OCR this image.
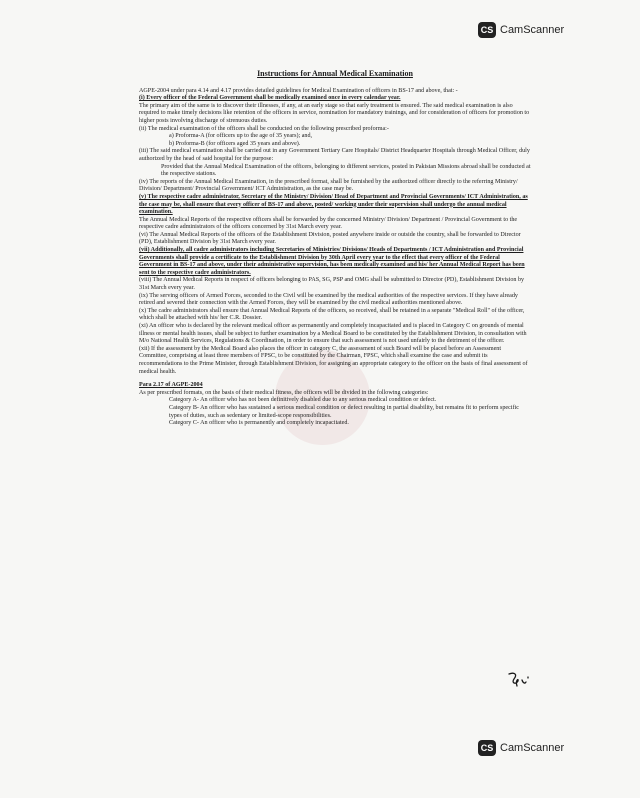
CS CamScanner
Instructions for Annual Medical Examination

AGPE-2004 under para 4.14 and 4.17 provides detailed guidelines for Medical Examination of officers in BS-17 and above, that: -

(i) Every officer of the Federal Government shall be medically examined once in every calendar year.

The primary aim of the same is to discover their illnesses, if any, at an early stage so that early treatment is ensured. The said medical examination is also required to make timely decisions like retention of the officers in service, nomination for mandatory trainings, and for consideration of officers for promotion to higher posts involving discharge of strenuous duties.

(ii) The medical examination of the officers shall be conducted on the following prescribed proforma:-

a) Proforma-A (for officers up to the age of 35 years); and,

b) Proforma-B (for officers aged 35 years and above).

(iii) The said medical examination shall be carried out in any Government Tertiary Care Hospitals/ District Headquarter Hospitals through Medical Officer, duly authorized by the head of said hospital for the purpose:

Provided that the Annual Medical Examination of the officers, belonging to different services, posted in Pakistan Missions abroad shall be conducted at the respective stations.

(iv) The reports of the Annual Medical Examination, in the prescribed format, shall be furnished by the authorized officer directly to the referring Ministry/ Division/ Department/ Provincial Government/ ICT Administration, as the case may be.

(v) The respective cadre administrator, Secretary of the Ministry/ Division/ Head of Department and Provincial Governments/ ICT Administration, as the case may be, shall ensure that every officer of BS-17 and above, posted/ working under their supervision shall undergo the annual medical examination.

The Annual Medical Reports of the respective officers shall be forwarded by the concerned Ministry/ Division/ Department / Provincial Government to the respective cadre administrators of the officers concerned by 31st March every year.

(vi) The Annual Medical Reports of the officers of the Establishment Division, posted anywhere inside or outside the country, shall be forwarded to Director (PD), Establishment Division by 31st March every year.

(vii) Additionally, all cadre administrators including Secretaries of Ministries/ Divisions/ Heads of Departments / ICT Administration and Provincial Governments shall provide a certificate to the Establishment Division by 30th April every year to the effect that every officer of the Federal Government in BS-17 and above, under their administrative supervision, has been medically examined and his/ her Annual Medical Report has been sent to the respective cadre administrators.

(viii) The Annual Medical Reports in respect of officers belonging to PAS, SG, PSP and OMG shall be submitted to Director (PD), Establishment Division by 31st March every year.

(ix) The serving officers of Armed Forces, seconded to the Civil will be examined by the medical authorities of the respective services. If they have already retired and severed their connection with the Armed Forces, they will be examined by the civil medical authorities mentioned above.

(x) The cadre administrators shall ensure that Annual Medical Reports of the officers, so received, shall be retained in a separate "Medical Roll" of the officer, which shall be attached with his/ her C.R. Dossier.

(xi) An officer who is declared by the relevant medical officer as permanently and completely incapacitated and is placed in Category C on grounds of mental illness or mental health issues, shall be subject to further examination by a Medical Board to be constituted by the Establishment Division, in consultation with M/o National Health Services, Regulations & Coordination, in order to ensure that such assessment is not used unfairly to the detriment of the officer.

(xii) If the assessment by the Medical Board also places the officer in category C, the assessment of such Board will be placed before an Assessment Committee, comprising at least three members of FPSC, to be constituted by the Chairman, FPSC, which shall examine the case and submit its recommendations to the Prime Minister, through Establishment Division, for assigning an appropriate category to the officer on the basis of final assessment of medical health.

Para 2.17 of AGPE-2004

As per prescribed formats, on the basis of their medical fitness, the officers will be divided in the following categories:

Category A- An officer who has not been definitively disabled due to any serious medical condition or defect.

Category B- An officer who has sustained a serious medical condition or defect resulting in partial disability, but remains fit to perform specific types of duties, such as sedentary or limited-scope responsibilities.

Category C- An officer who is permanently and completely incapacitated.

CS CamScanner
